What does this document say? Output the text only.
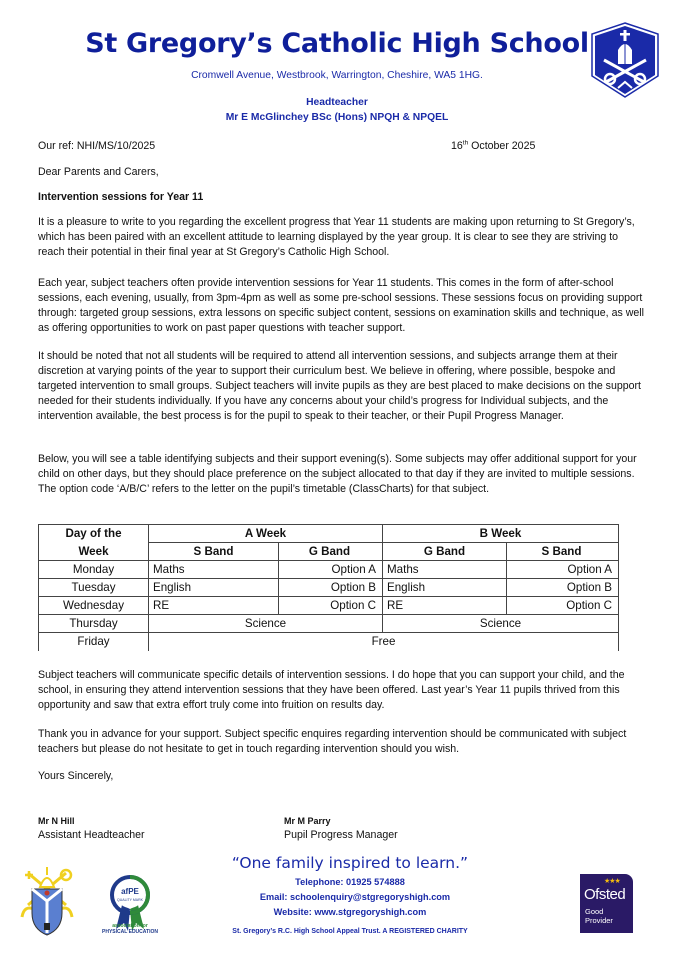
St Gregory’s Catholic High School
Cromwell Avenue, Westbrook, Warrington, Cheshire, WA5 1HG.
Headteacher
Mr E McGlinchey BSc (Hons) NPQH & NPQEL
Our ref: NHI/MS/10/2025	16th October 2025
Dear Parents and Carers,
Intervention sessions for Year 11
It is a pleasure to write to you regarding the excellent progress that Year 11 students are making upon returning to St Gregory’s, which has been paired with an excellent attitude to learning displayed by the year group. It is clear to see they are striving to reach their potential in their final year at St Gregory’s Catholic High School.
Each year, subject teachers often provide intervention sessions for Year 11 students. This comes in the form of after-school sessions, each evening, usually, from 3pm-4pm as well as some pre-school sessions. These sessions focus on providing support through: targeted group sessions, extra lessons on specific subject content, sessions on examination skills and technique, as well as offering opportunities to work on past paper questions with teacher support.
It should be noted that not all students will be required to attend all intervention sessions, and subjects arrange them at their discretion at varying points of the year to support their curriculum best. We believe in offering, where possible, bespoke and targeted intervention to small groups. Subject teachers will invite pupils as they are best placed to make decisions on the support needed for their students individually. If you have any concerns about your child’s progress for Individual subjects, and the intervention available, the best process is for the pupil to speak to their teacher, or their Pupil Progress Manager.
Below, you will see a table identifying subjects and their support evening(s). Some subjects may offer additional support for your child on other days, but they should place preference on the subject allocated to that day if they are invited to multiple sessions. The option code ‘A/B/C’ refers to the letter on the pupil’s timetable (ClassCharts) for that subject.
Day of the	A Week		B Week	
Week	S Band	G Band	G Band	S Band
Monday	Maths	Option A	Maths	Option A
Tuesday	English	Option B	English	Option B
Wednesday	RE	Option C	RE	Option C
Thursday	Science		Science	
Friday	Free			
Subject teachers will communicate specific details of intervention sessions. I do hope that you can support your child, and the school, in ensuring they attend intervention sessions that they have been offered. Last year’s Year 11 pupils thrived from this opportunity and saw that extra effort truly come into fruition on results day.
Thank you in advance for your support. Subject specific enquires regarding intervention should be communicated with subject teachers but please do not hesitate to get in touch regarding intervention should you wish.
Yours Sincerely,
Mr N Hill
Assistant Headteacher
Mr M Parry
Pupil Progress Manager
afPE
QUALITY MARK
association for
PHYSICAL EDUCATION
“One family inspired to learn.”
Telephone: 01925 574888
Email: schoolenquiry@stgregoryshigh.com
Website: www.stgregoryshigh.com
St. Gregory’s R.C. High School Appeal Trust. A REGISTERED CHARITY
★★★
Ofsted
Good
Provider
